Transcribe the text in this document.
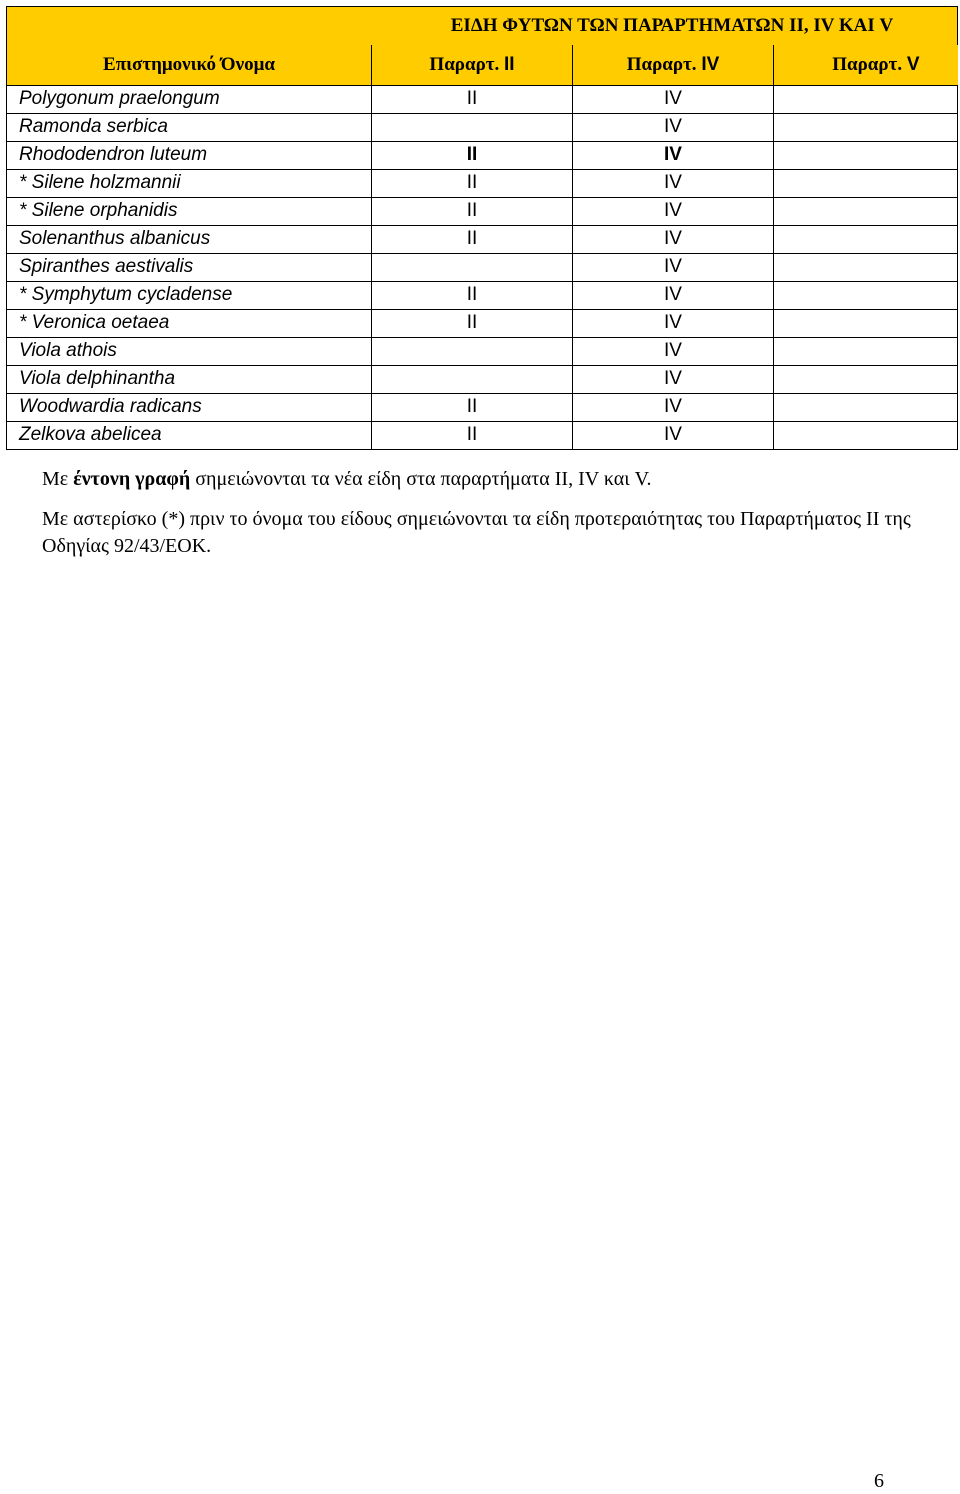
ΕΙΔΗ ΦΥΤΩΝ ΤΩΝ ΠΑΡΑΡΤΗΜΑΤΩΝ ΙΙ, ΙV ΚΑΙ V			
Επιστημονικό Όνομα	Παραρτ. II	Παραρτ. IV	Παραρτ. V
Polygonum praelongum	II	IV	
Ramonda serbica		IV	
Rhododendron luteum	II	IV	
* Silene holzmannii	II	IV	
* Silene orphanidis	II	IV	
Solenanthus albanicus	II	IV	
Spiranthes aestivalis		IV	
* Symphytum cycladense	II	IV	
* Veronica oetaea	II	IV	
Viola athois		IV	
Viola delphinantha		IV	
Woodwardia radicans	II	IV	
Zelkova abelicea	II	IV	

Με έντονη γραφή σημειώνονται τα νέα είδη στα παραρτήματα ΙΙ, ΙV και V.

Με αστερίσκο (*) πριν το όνομα του είδους σημειώνονται τα είδη προτεραιότητας του Παραρτήματος ΙΙ της Οδηγίας 92/43/ΕΟΚ.

6
